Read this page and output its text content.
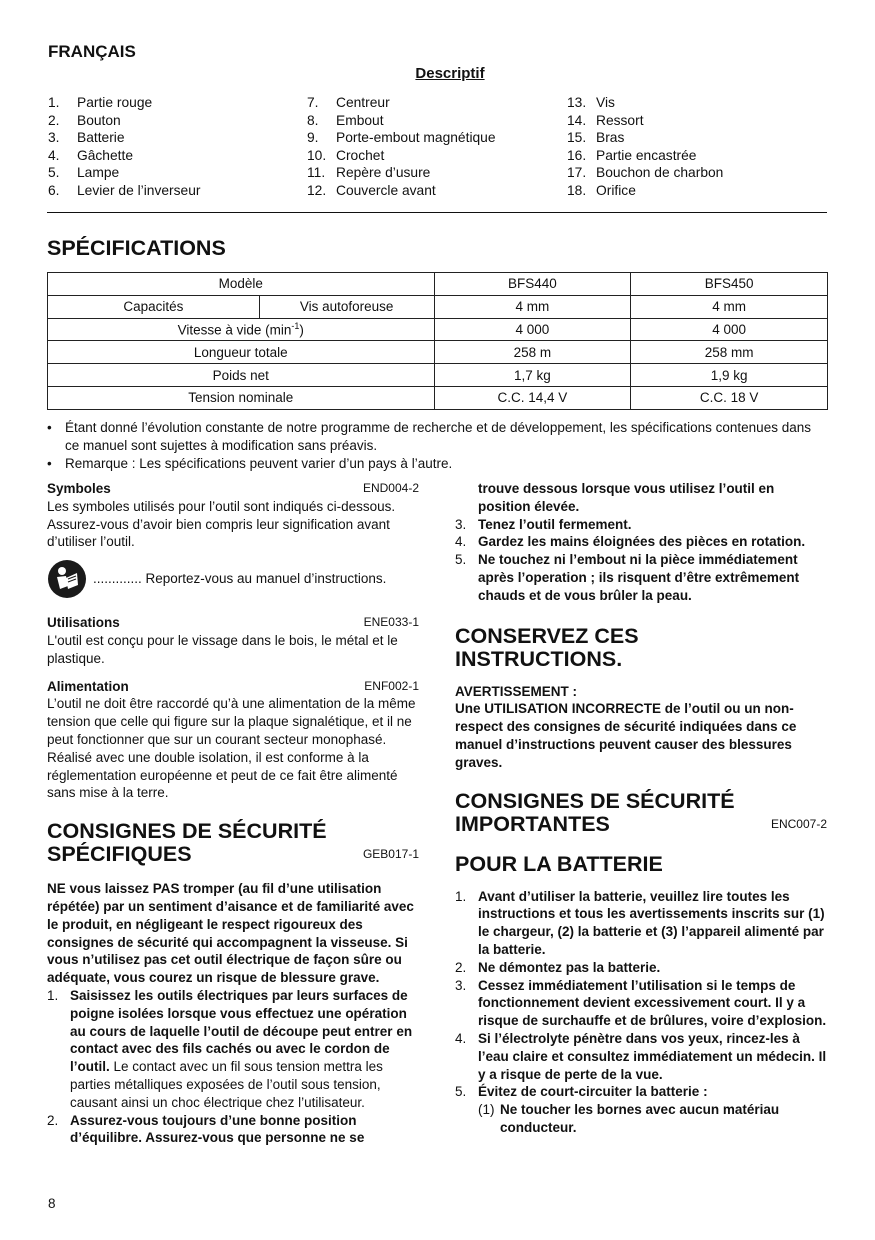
FRANÇAIS
Descriptif
1.	Partie rouge
2.	Bouton
3.	Batterie
4.	Gâchette
5.	Lampe
6.	Levier de l’inverseur
7.	Centreur
8.	Embout
9.	Porte-embout magnétique
10. Crochet
11. Repère d’usure
12. Couvercle avant
13. Vis
14. Ressort
15. Bras
16. Partie encastrée
17. Bouchon de charbon
18. Orifice
SPÉCIFICATIONS
Modèle		BFS440	BFS450
Capacités	Vis autoforeuse	4 mm	4 mm
Vitesse à vide $(\min^{-1})$		4 000	4 000
Longueur totale		258 m	258 mm
Poids net		1,7 kg	1,9 kg
Tension nominale		C.C. 14,4 V	C.C. 18 V
• Étant donné l’évolution constante de notre programme de recherche et de développement, les spécifications contenues dans ce manuel sont sujettes à modification sans préavis.
• Remarque : Les spécifications peuvent varier d’un pays à l’autre.
Symboles	END004-2
Les symboles utilisés pour l’outil sont indiqués ci-dessous. Assurez-vous d’avoir bien compris leur signification avant d’utiliser l’outil.
............. Reportez-vous au manuel d’instructions.
Utilisations	ENE033-1
L'outil est conçu pour le vissage dans le bois, le métal et le plastique.
Alimentation	ENF002-1
L’outil ne doit être raccordé qu’à une alimentation de la même tension que celle qui figure sur la plaque signalétique, et il ne peut fonctionner que sur un courant secteur monophasé. Réalisé avec une double isolation, il est conforme à la réglementation européenne et peut de ce fait être alimenté sans mise à la terre.
CONSIGNES DE SÉCURITÉ
SPÉCIFIQUES	GEB017-1
NE vous laissez PAS tromper (au fil d’une utilisation répétée) par un sentiment d’aisance et de familiarité avec le produit, en négligeant le respect rigoureux des consignes de sécurité qui accompagnent la visseuse. Si vous n’utilisez pas cet outil électrique de façon sûre ou adéquate, vous courez un risque de blessure grave.
1. Saisissez les outils électriques par leurs surfaces de poigne isolées lorsque vous effectuez une opération au cours de laquelle l’outil de découpe peut entrer en contact avec des fils cachés ou avec le cordon de l’outil. Le contact avec un fil sous tension mettra les parties métalliques exposées de l’outil sous tension, causant ainsi un choc électrique chez l’utilisateur.
2. Assurez-vous toujours d’une bonne position d’équilibre. Assurez-vous que personne ne se
trouve dessous lorsque vous utilisez l’outil en position élevée.
3. Tenez l’outil fermement.
4. Gardez les mains éloignées des pièces en rotation.
5. Ne touchez ni l’embout ni la pièce immédiatement après l’operation ; ils risquent d’être extrêmement chauds et de vous brûler la peau.
CONSERVEZ CES
INSTRUCTIONS.
AVERTISSEMENT :
Une UTILISATION INCORRECTE de l’outil ou un non-respect des consignes de sécurité indiquées dans ce manuel d’instructions peuvent causer des blessures graves.
CONSIGNES DE SÉCURITÉ
IMPORTANTES	ENC007-2
POUR LA BATTERIE
1. Avant d’utiliser la batterie, veuillez lire toutes les instructions et tous les avertissements inscrits sur (1) le chargeur, (2) la batterie et (3) l’appareil alimenté par la batterie.
2. Ne démontez pas la batterie.
3. Cessez immédiatement l’utilisation si le temps de fonctionnement devient excessivement court. Il y a risque de surchauffe et de brûlures, voire d’explosion.
4. Si l’électrolyte pénètre dans vos yeux, rincez-les à l’eau claire et consultez immédiatement un médecin. Il y a risque de perte de la vue.
5. Évitez de court-circuiter la batterie :
(1) Ne toucher les bornes avec aucun matériau conducteur.
8
